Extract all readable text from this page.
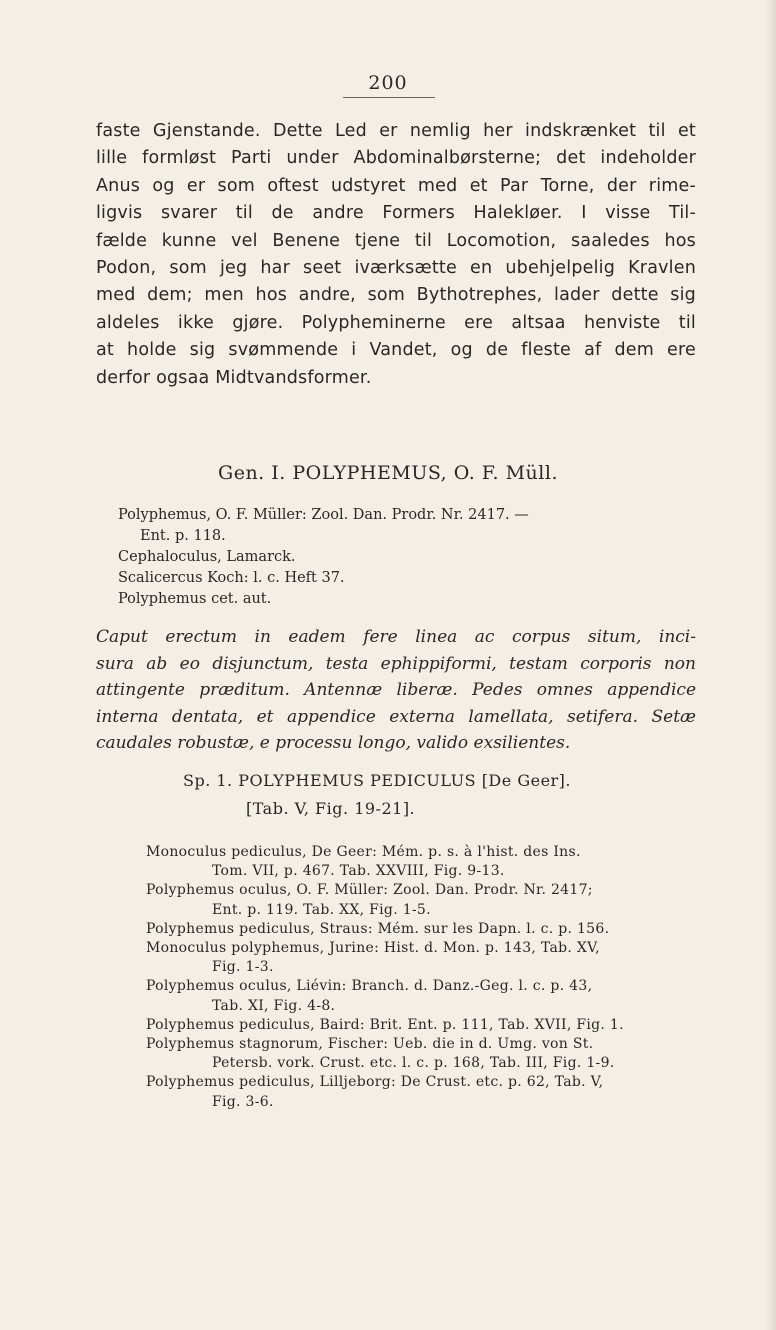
200
faste Gjenstande. Dette Led er nemlig her indskrænket til et
lille formløst Parti under Abdominalbørsterne; det indeholder
Anus og er som oftest udstyret med et Par Torne, der rime-
ligvis svarer til de andre Formers Halekløer. I visse Til-
fælde kunne vel Benene tjene til Locomotion, saaledes hos
Podon, som jeg har seet iværksætte en ubehjelpelig Kravlen
med dem; men hos andre, som Bythotrephes, lader dette sig
aldeles ikke gjøre. Polypheminerne ere altsaa henviste til
at holde sig svømmende i Vandet, og de fleste af dem ere
derfor ogsaa Midtvandsformer.
Gen. I. POLYPHEMUS, O. F. Müll.
Polyphemus, O. F. Müller: Zool. Dan. Prodr. Nr. 2417. —
Ent. p. 118.
Cephaloculus, Lamarck.
Scalicercus Koch: l. c. Heft 37.
Polyphemus cet. aut.
Caput erectum in eadem fere linea ac corpus situm, inci-
sura ab eo disjunctum, testa ephippiformi, testam corporis non
attingente præditum. Antennæ liberæ. Pedes omnes appendice
interna dentata, et appendice externa lamellata, setifera. Setæ
caudales robustæ, e processu longo, valido exsilientes.
Sp. 1. POLYPHEMUS PEDICULUS [De Geer].
[Tab. V, Fig. 19-21].
Monoculus pediculus, De Geer: Mém. p. s. à l'hist. des Ins.
Tom. VII, p. 467. Tab. XXVIII, Fig. 9-13.
Polyphemus oculus, O. F. Müller: Zool. Dan. Prodr. Nr. 2417;
Ent. p. 119. Tab. XX, Fig. 1-5.
Polyphemus pediculus, Straus: Mém. sur les Dapn. l. c. p. 156.
Monoculus polyphemus, Jurine: Hist. d. Mon. p. 143, Tab. XV,
Fig. 1-3.
Polyphemus oculus, Liévin: Branch. d. Danz.-Geg. l. c. p. 43,
Tab. XI, Fig. 4-8.
Polyphemus pediculus, Baird: Brit. Ent. p. 111, Tab. XVII, Fig. 1.
Polyphemus stagnorum, Fischer: Ueb. die in d. Umg. von St.
Petersb. vork. Crust. etc. l. c. p. 168, Tab. III, Fig. 1-9.
Polyphemus pediculus, Lilljeborg: De Crust. etc. p. 62, Tab. V,
Fig. 3-6.
